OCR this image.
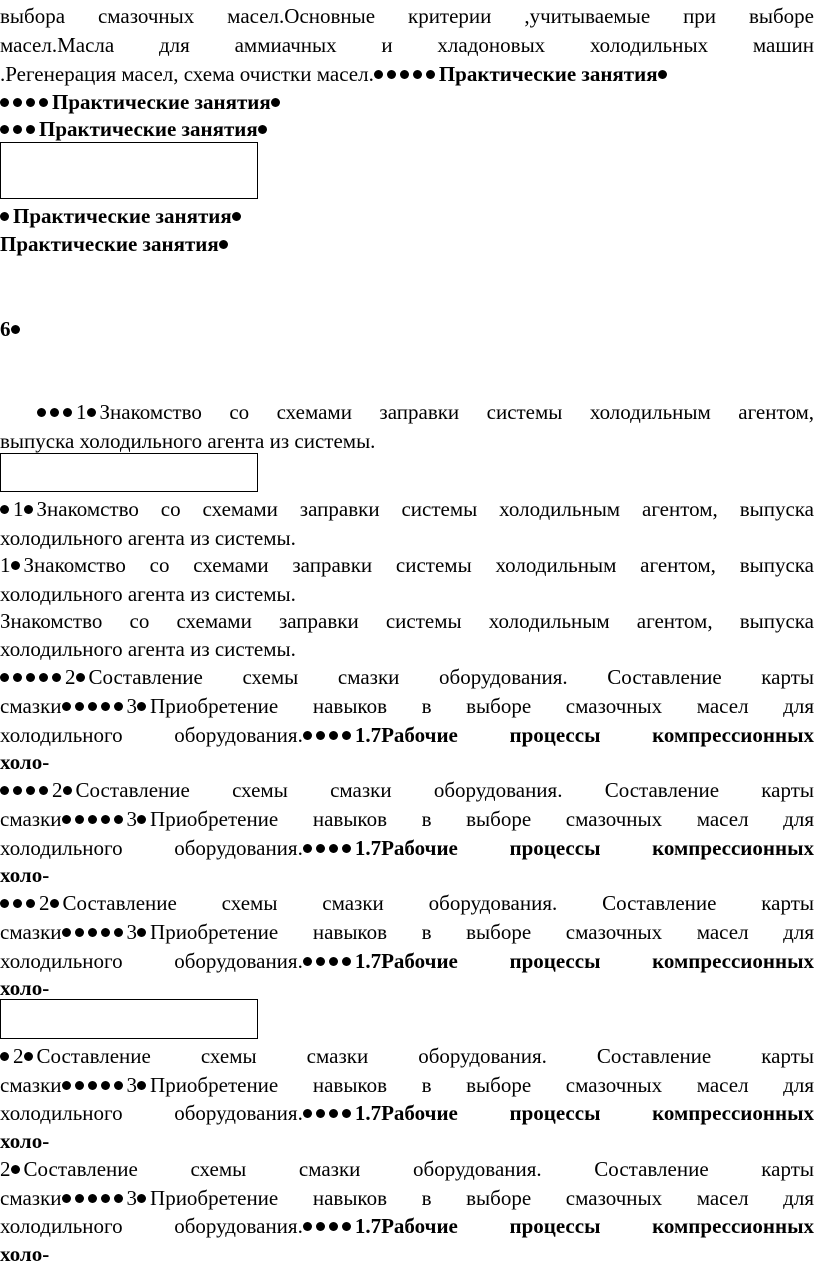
выбора смазочных масел.Основные критерии ,учитываемые при выборе
масел.Масла для аммиачных и хладоновых холодильных машин
.Регенерация масел, схема очистки масел.	Практические занятия
Практические занятия
Практические занятия
Практические занятия
Практические занятия
6
1 Знакомство со схемами заправки системы холодильным агентом,
выпуска холодильного агента из системы.
1 Знакомство со схемами заправки системы холодильным агентом, выпуска
холодильного агента из системы.
1 Знакомство со схемами заправки системы холодильным агентом, выпуска
холодильного агента из системы.
Знакомство со схемами заправки системы холодильным агентом, выпуска
холодильного агента из системы.
2 Составление схемы смазки оборудования. Составление карты
смазки	3 Приобретение навыков в выборе смазочных масел для
холодильного оборудования. 1.7Рабочие процессы компрессионных
холо-
2 Составление схемы смазки оборудования. Составление карты
смазки	3 Приобретение навыков в выборе смазочных масел для
холодильного оборудования. 1.7Рабочие процессы компрессионных
холо-
2 Составление схемы смазки оборудования. Составление карты
смазки	3 Приобретение навыков в выборе смазочных масел для
холодильного оборудования. 1.7Рабочие процессы компрессионных
холо-
2 Составление схемы смазки оборудования. Составление карты
смазки	3 Приобретение навыков в выборе смазочных масел для
холодильного оборудования. 1.7Рабочие процессы компрессионных
холо-
2 Составление схемы смазки оборудования. Составление карты
смазки	3 Приобретение навыков в выборе смазочных масел для
холодильного оборудования. 1.7Рабочие процессы компрессионных
холо-
